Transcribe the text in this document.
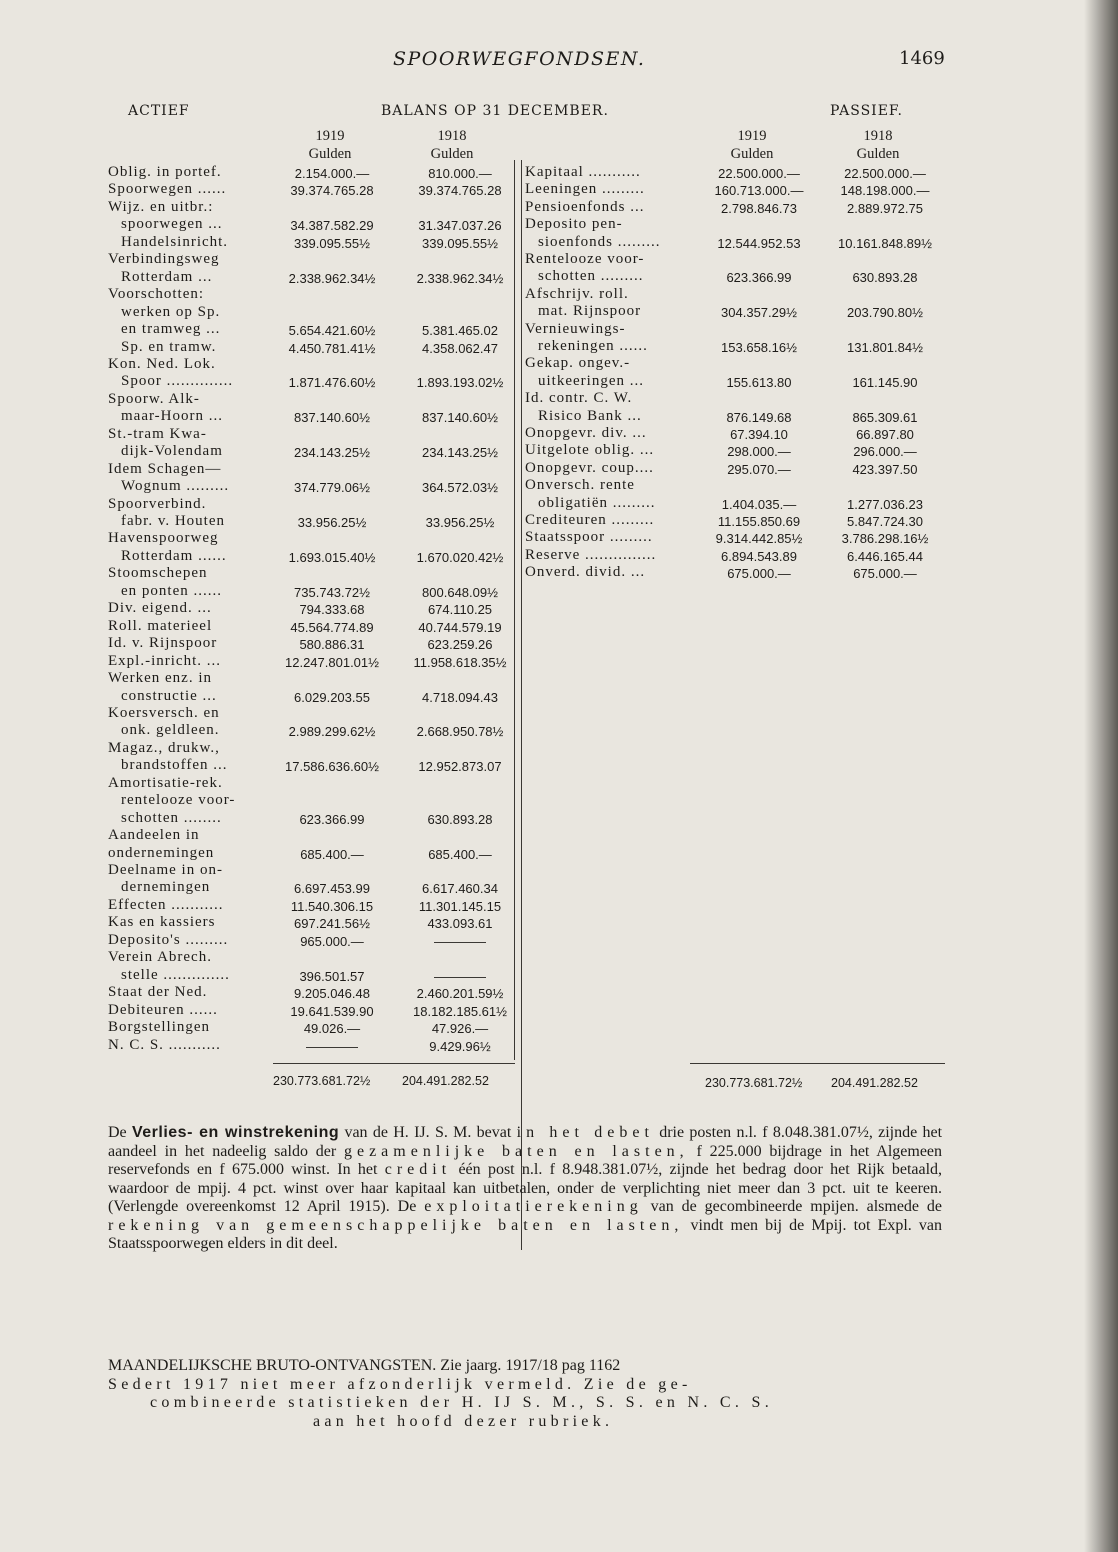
SPOORWEGFONDSEN.	1469
ACTIEF	BALANS OP 31 DECEMBER.	PASSIEF.
1919
Gulden
1918
Gulden
1919
Gulden
1918
Gulden
Oblig. in portef.	2.154.000.—	810.000.—
Spoorwegen ......	39.374.765.28	39.374.765.28
Wijz. en uitbr.:
spoorwegen ...	34.387.582.29	31.347.037.26
Handelsinricht.	339.095.55½	339.095.55½
Verbindingsweg
Rotterdam ...	2.338.962.34½	2.338.962.34½
Voorschotten:
werken op Sp.
en tramweg ...	5.654.421.60½	5.381.465.02
Sp. en tramw.	4.450.781.41½	4.358.062.47
Kon. Ned. Lok.
Spoor ..............	1.871.476.60½	1.893.193.02½
Spoorw. Alk-
maar-Hoorn ...	837.140.60½	837.140.60½
St.-tram Kwa-
dijk-Volendam	234.143.25½	234.143.25½
Idem Schagen—
Wognum .........	374.779.06½	364.572.03½
Spoorverbind.
fabr. v. Houten	33.956.25½	33.956.25½
Havenspoorweg
Rotterdam ......	1.693.015.40½	1.670.020.42½
Stoomschepen
en ponten ......	735.743.72½	800.648.09½
Div. eigend. ...	794.333.68	674.110.25
Roll. materieel	45.564.774.89	40.744.579.19
Id. v. Rijnspoor	580.886.31	623.259.26
Expl.-inricht. ...	12.247.801.01½	11.958.618.35½
Werken enz. in
constructie ...	6.029.203.55	4.718.094.43
Koersversch. en
onk. geldleen.	2.989.299.62½	2.668.950.78½
Magaz., drukw.,
brandstoffen ...	17.586.636.60½	12.952.873.07
Amortisatie-rek.
rentelooze voor-
schotten ........	623.366.99	630.893.28
Aandeelen in
ondernemingen	685.400.—	685.400.—
Deelname in on-
dernemingen	6.697.453.99	6.617.460.34
Effecten ...........	11.540.306.15	11.301.145.15
Kas en kassiers	697.241.56½	433.093.61
Deposito's .........	965.000.—	————
Verein Abrech.
stelle ..............	396.501.57	————
Staat der Ned.	9.205.046.48	2.460.201.59½
Debiteuren ......	19.641.539.90	18.182.185.61½
Borgstellingen	49.026.—	47.926.—
N. C. S. ...........	————	9.429.96½
Kapitaal ...........	22.500.000.—	22.500.000.—
Leeningen .........	160.713.000.—	148.198.000.—
Pensioenfonds ...	2.798.846.73	2.889.972.75
Deposito pen-
sioenfonds .........	12.544.952.53	10.161.848.89½
Rentelooze voor-
schotten .........	623.366.99	630.893.28
Afschrijv. roll.
mat. Rijnspoor	304.357.29½	203.790.80½
Vernieuwings-
rekeningen ......	153.658.16½	131.801.84½
Gekap. ongev.-
uitkeeringen ...	155.613.80	161.145.90
Id. contr. C. W.
Risico Bank ...	876.149.68	865.309.61
Onopgevr. div. ...	67.394.10	66.897.80
Uitgelote oblig. ...	298.000.—	296.000.—
Onopgevr. coup....	295.070.—	423.397.50
Onversch. rente
obligatiën .........	1.404.035.—	1.277.036.23
Crediteuren .........	11.155.850.69	5.847.724.30
Staatsspoor .........	9.314.442.85½	3.786.298.16½
Reserve ...............	6.894.543.89	6.446.165.44
Onverd. divid. ...	675.000.—	675.000.—
230.773.681.72½	204.491.282.52	230.773.681.72½ 204.491.282.52

De Verlies- en winstrekening van de H. IJ. S. M. bevat in het debet drie posten n.l. f 8.048.381.07½, zijnde het aandeel in het nadeelig saldo der gezamenlijke baten en lasten, f 225.000 bijdrage in het Algemeen reservefonds en f 675.000 winst. In het credit één post n.l. f 8.948.381.07½, zijnde het bedrag door het Rijk betaald, waardoor de mpij. 4 pct. winst over haar kapitaal kan uitbetalen, onder de verplichting niet meer dan 3 pct. uit te keeren. (Verlengde overeenkomst 12 April 1915). De exploitatierekening van de gecombineerde mpijen. alsmede de rekening van gemeenschappelijke baten en lasten, vindt men bij de Mpij. tot Expl. van Staatsspoorwegen elders in dit deel.

MAANDELIJKSCHE BRUTO-ONTVANGSTEN. Zie jaarg. 1917/18 pag 1162
Sedert 1917 niet meer afzonderlijk vermeld. Zie de ge-
combineerde statistieken der H. IJ S. M., S. S. en N. C. S.
aan het hoofd dezer rubriek.
